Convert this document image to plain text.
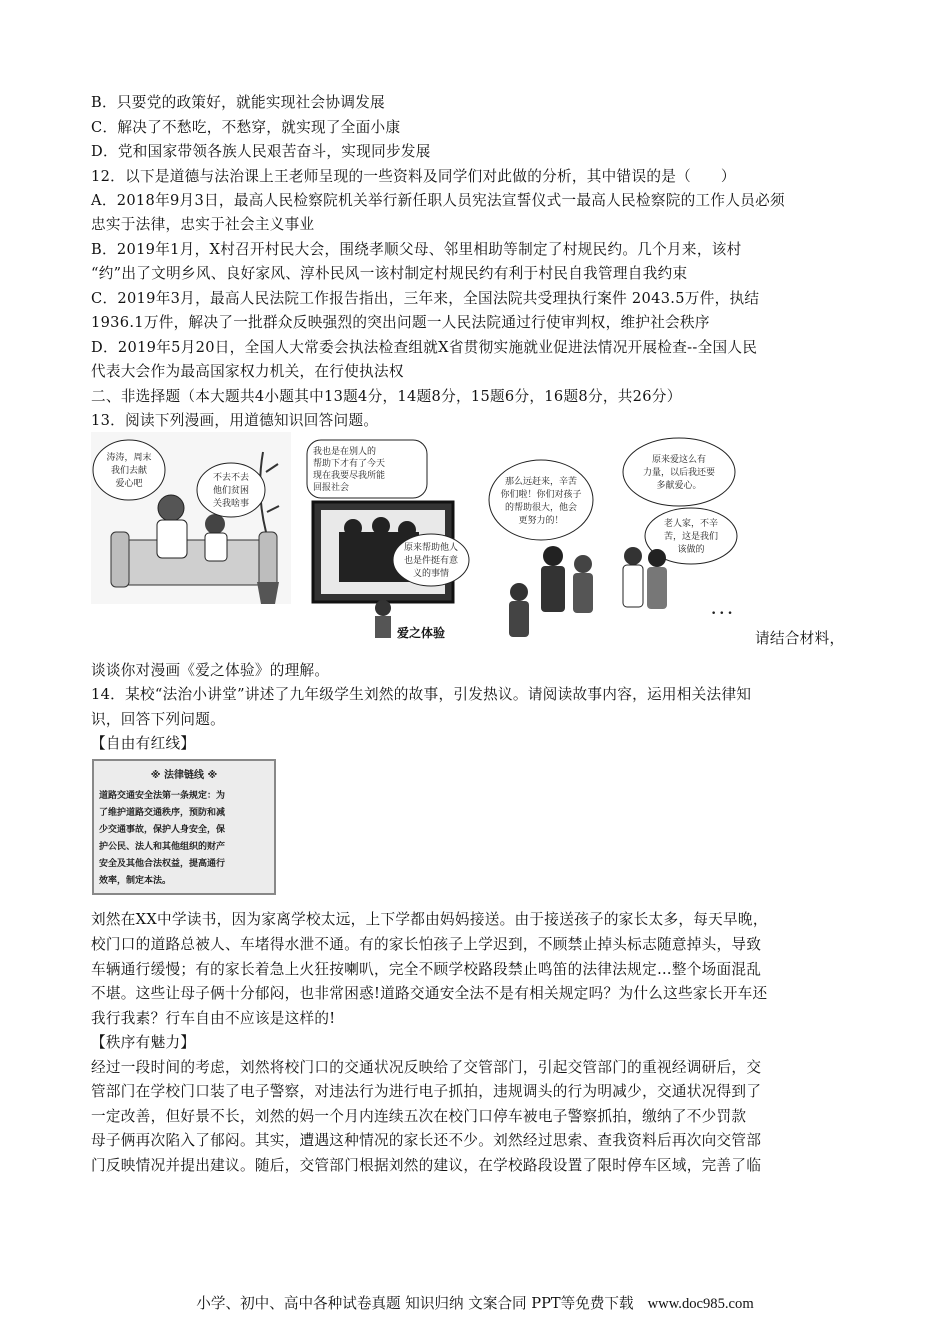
B．只要党的政策好，就能实现社会协调发展
C．解决了不愁吃，不愁穿，就实现了全面小康
D．党和国家带领各族人民艰苦奋斗，实现同步发展
12．以下是道德与法治课上王老师呈现的一些资料及同学们对此做的分析，其中错误的是（　　）
A．2018年9月3日，最高人民检察院机关举行新任职人员宪法宣誓仪式一最高人民检察院的工作人员必须
忠实于法律，忠实于社会主义事业
B．2019年1月，X村召开村民大会，围绕孝顺父母、邻里相助等制定了村规民约。几个月来，该村
“约”出了文明乡风、良好家风、淳朴民风一该村制定村规民约有利于村民自我管理自我约束
C．2019年3月，最高人民法院工作报告指出，三年来，全国法院共受理执行案件 2043.5万件，执结
1936.1万件，解决了一批群众反映强烈的突出问题一人民法院通过行使审判权，维护社会秩序
D．2019年5月20日，全国人大常委会执法检查组就X省贯彻实施就业促进法情况开展检查--全国人民
代表大会作为最高国家权力机关，在行使执法权
二、非选择题（本大题共4小题其中13题4分，14题8分，15题6分，16题8分，共26分）
13．阅读下列漫画，用道德知识回答问题。
涛涛，周末
我们去献
爱心吧
不去不去
他们贫困
关我啥事
我也是在别人的
帮助下才有了今天
现在我要尽我所能
回报社会
原来帮助他人
也是件挺有意
义的事情
那么远赶来，辛苦
你们啦！你们对孩子
的帮助很大，他会
更努力的！
原来爱这么有
力量，以后我还要
多献爱心。
老人家，不辛
苦，这是我们
该做的
• • •
爱之体验	请结合材料，
谈谈你对漫画《爱之体验》的理解。
14．某校“法治小讲堂”讲述了九年级学生刘然的故事，引发热议。请阅读故事内容，运用相关法律知
识，回答下列问题。
【自由有红线】
※ 法律链线 ※
道路交通安全法第一条规定：为
了维护道路交通秩序，预防和减
少交通事故，保护人身安全，保
护公民、法人和其他组织的财产
安全及其他合法权益，提高通行
效率，制定本法。
刘然在XX中学读书，因为家离学校太远，上下学都由妈妈接送。由于接送孩子的家长太多，每天早晚，
校门口的道路总被人、车堵得水泄不通。有的家长怕孩子上学迟到，不顾禁止掉头标志随意掉头，导致
车辆通行缓慢；有的家长着急上火狂按喇叭，完全不顾学校路段禁止鸣笛的法律法规定…整个场面混乱
不堪。这些让母子俩十分郁闷，也非常困惑!道路交通安全法不是有相关规定吗？为什么这些家长开车还
我行我素？行车自由不应该是这样的!
【秩序有魅力】
经过一段时间的考虑，刘然将校门口的交通状况反映给了交管部门，引起交管部门的重视经调研后，交
管部门在学校门口装了电子警察，对违法行为进行电子抓拍，违规调头的行为明减少，交通状况得到了
一定改善，但好景不长，刘然的妈一个月内连续五次在校门口停车被电子警察抓拍，缴纳了不少罚款
母子俩再次陷入了郁闷。其实，遭遇这种情况的家长还不少。刘然经过思索、查我资料后再次向交管部
门反映情况并提出建议。随后，交管部门根据刘然的建议，在学校路段设置了限时停车区域，完善了临
小学、初中、高中各种试卷真题 知识归纳 文案合同 PPT等免费下载 www.doc985.com
